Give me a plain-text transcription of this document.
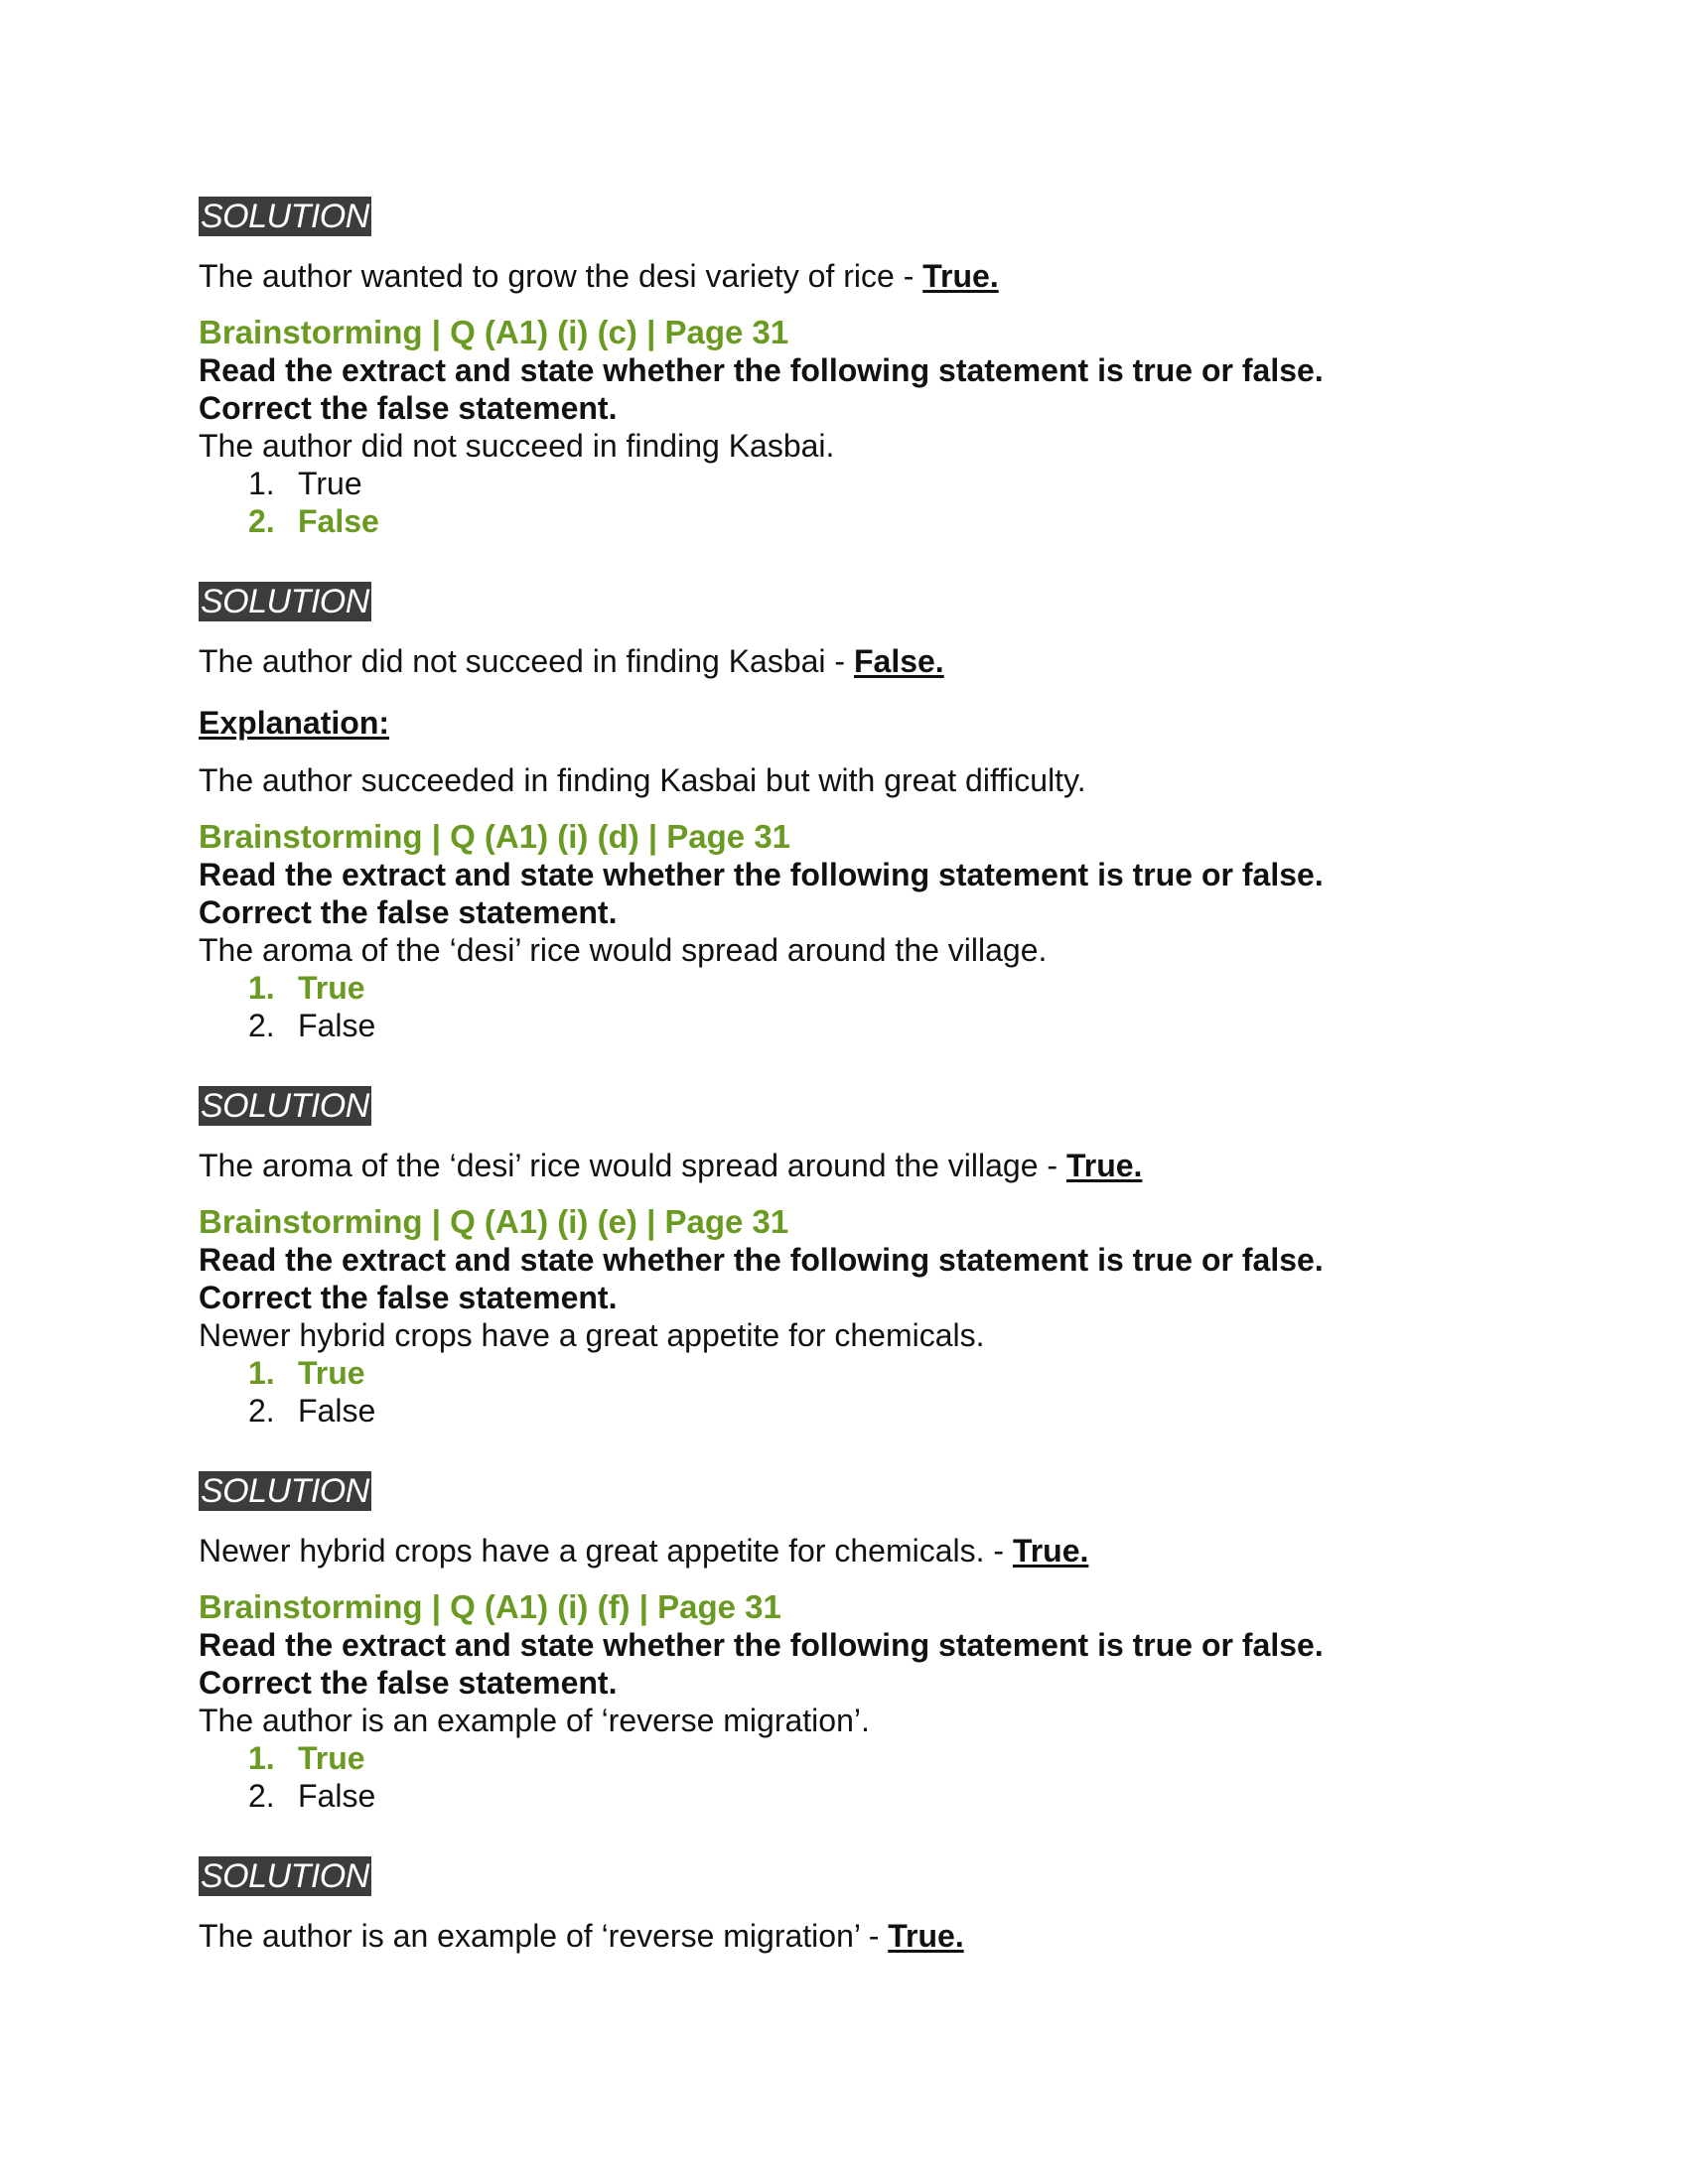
SOLUTION

The author wanted to grow the desi variety of rice - True.

Brainstorming | Q (A1) (i) (c) | Page 31

Read the extract and state whether the following statement is true or false.

Correct the false statement.

The author did not succeed in finding Kasbai.

1. True
2. False
SOLUTION

The author did not succeed in finding Kasbai - False.

Explanation:

The author succeeded in finding Kasbai but with great difficulty.

Brainstorming | Q (A1) (i) (d) | Page 31

Read the extract and state whether the following statement is true or false.

Correct the false statement.

The aroma of the ‘desi’ rice would spread around the village.

1. True
2. False
SOLUTION

The aroma of the ‘desi’ rice would spread around the village - True.

Brainstorming | Q (A1) (i) (e) | Page 31

Read the extract and state whether the following statement is true or false.

Correct the false statement.

Newer hybrid crops have a great appetite for chemicals.

1. True
2. False
SOLUTION

Newer hybrid crops have a great appetite for chemicals. - True.

Brainstorming | Q (A1) (i) (f) | Page 31

Read the extract and state whether the following statement is true or false.

Correct the false statement.

The author is an example of ‘reverse migration’.

1. True
2. False
SOLUTION

The author is an example of ‘reverse migration’ - True.
